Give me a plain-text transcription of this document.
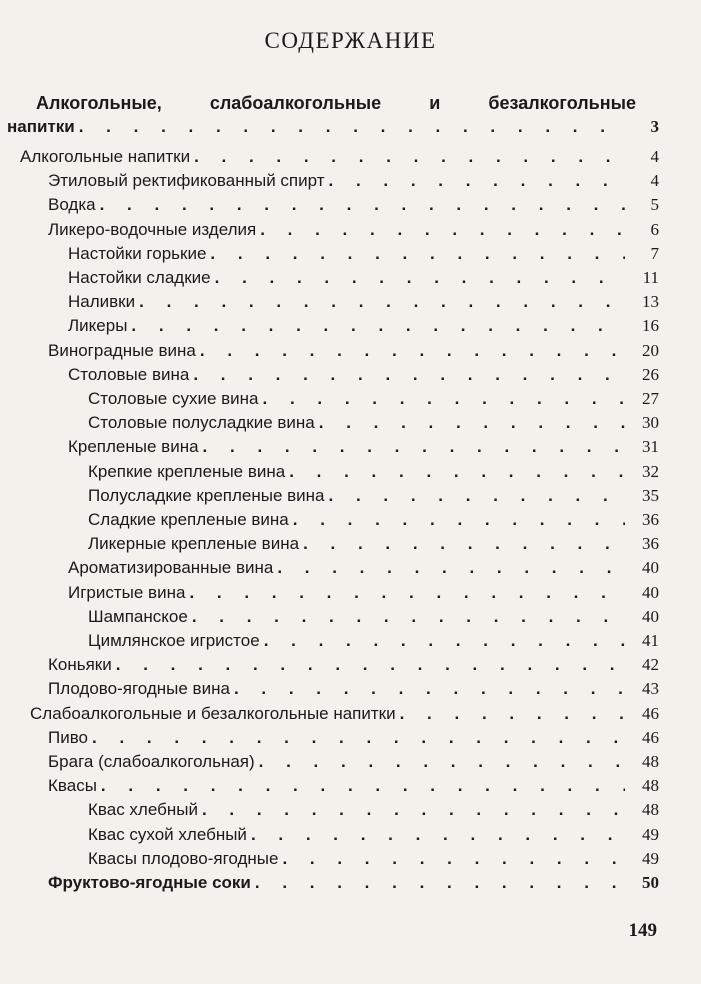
СОДЕРЖАНИЕ
Алкогольные, слабоалкогольные и безалкогольные
напитки . . .	3
Алкогольные напитки . . .	4
Этиловый ректификованный спирт . . .	4
Водка . . .	5
Ликеро-водочные изделия . . .	6
Настойки горькие . . .	7
Настойки сладкие . . .	11
Наливки . . .	13
Ликеры . . .	16
Виноградные вина . . .	20
Столовые вина . . .	26
Столовые сухие вина . . .	27
Столовые полусладкие вина . . .	30
Крепленые вина . . .	31
Крепкие крепленые вина . . .	32
Полусладкие крепленые вина . . .	35
Сладкие крепленые вина . . .	36
Ликерные крепленые вина . . .	36
Ароматизированные вина . . .	40
Игристые вина . . .	40
Шампанское . . .	40
Цимлянское игристое . . .	41
Коньяки . . .	42
Плодово-ягодные вина . . .	43
Слабоалкогольные и безалкогольные напитки . . .	46
Пиво . . .	46
Брага (слабоалкогольная) . . .	48
Квасы . . .	48
Квас хлебный . . .	48
Квас сухой хлебный . . .	49
Квасы плодово-ягодные . . .	49
Фруктово-ягодные соки . . .	50
149
